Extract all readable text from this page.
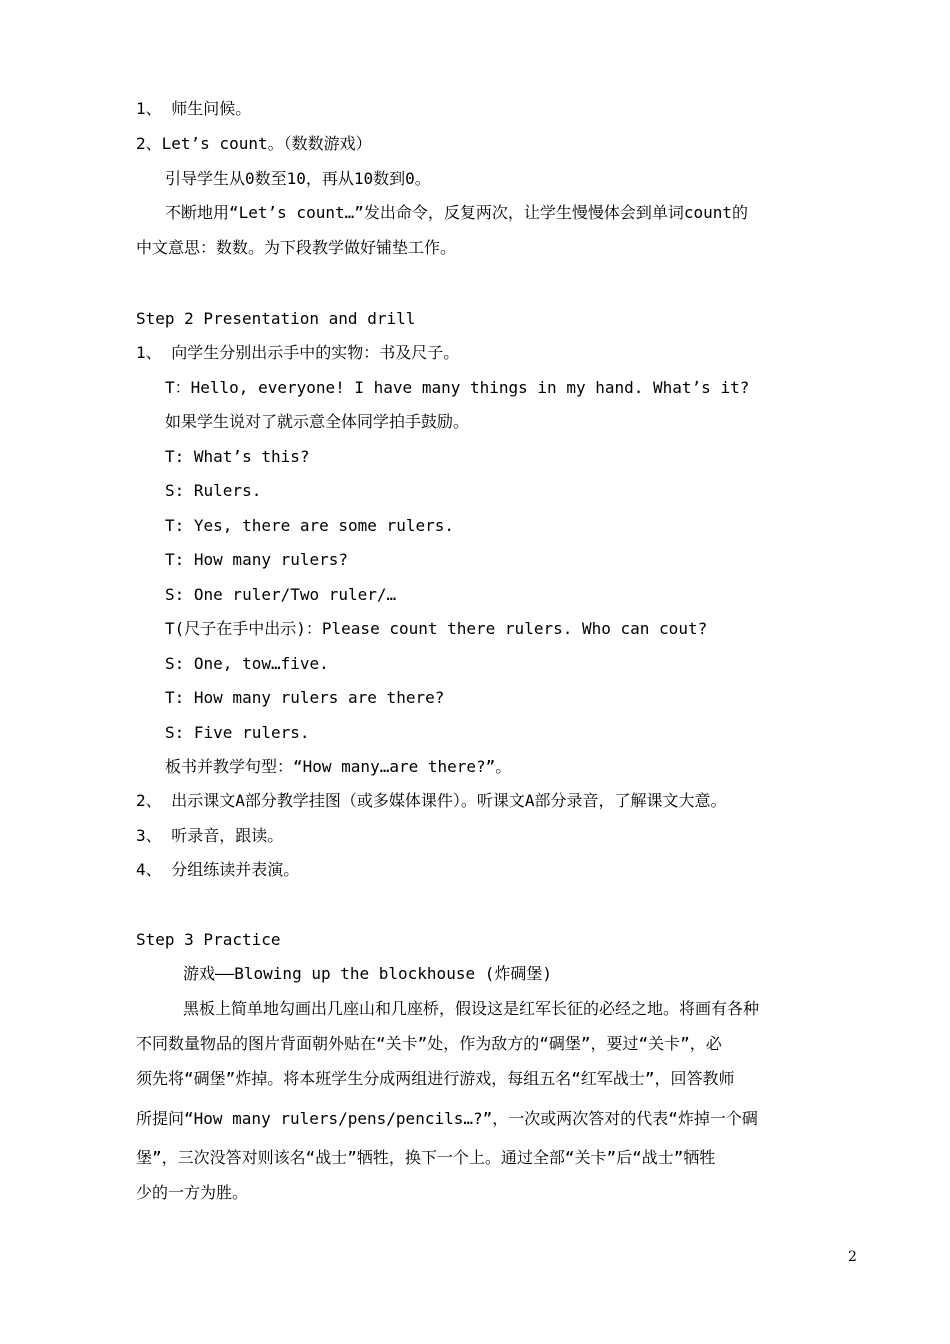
1、 师生问候。
2、Let’s count。（数数游戏）
引导学生从0数至10，再从10数到0。
不断地用“Let’s count…”发出命令，反复两次，让学生慢慢体会到单词count的
中文意思：数数。为下段教学做好铺垫工作。
Step 2 Presentation and drill
1、 向学生分别出示手中的实物：书及尺子。
T：Hello, everyone! I have many things in my hand. What’s it?
如果学生说对了就示意全体同学拍手鼓励。
T: What’s this?
S: Rulers.
T: Yes, there are some rulers.
T: How many rulers?
S: One ruler/Two ruler/…
T(尺子在手中出示)：Please count there rulers. Who can cout?
S: One, tow…five.
T: How many rulers are there?
S: Five rulers.
板书并教学句型：“How many…are there?”。
2、 出示课文A部分教学挂图（或多媒体课件）。听课文A部分录音，了解课文大意。
3、 听录音，跟读。
4、 分组练读并表演。
Step 3 Practice
游戏——Blowing up the blockhouse (炸碉堡)
黑板上简单地勾画出几座山和几座桥，假设这是红军长征的必经之地。将画有各种
不同数量物品的图片背面朝外贴在“关卡”处，作为敌方的“碉堡”，要过“关卡”，必
须先将“碉堡”炸掉。将本班学生分成两组进行游戏，每组五名“红军战士”，回答教师
所提问“How many rulers/pens/pencils…?”，一次或两次答对的代表“炸掉一个碉
堡”，三次没答对则该名“战士”牺牲，换下一个上。通过全部“关卡”后“战士”牺牲
少的一方为胜。
2
